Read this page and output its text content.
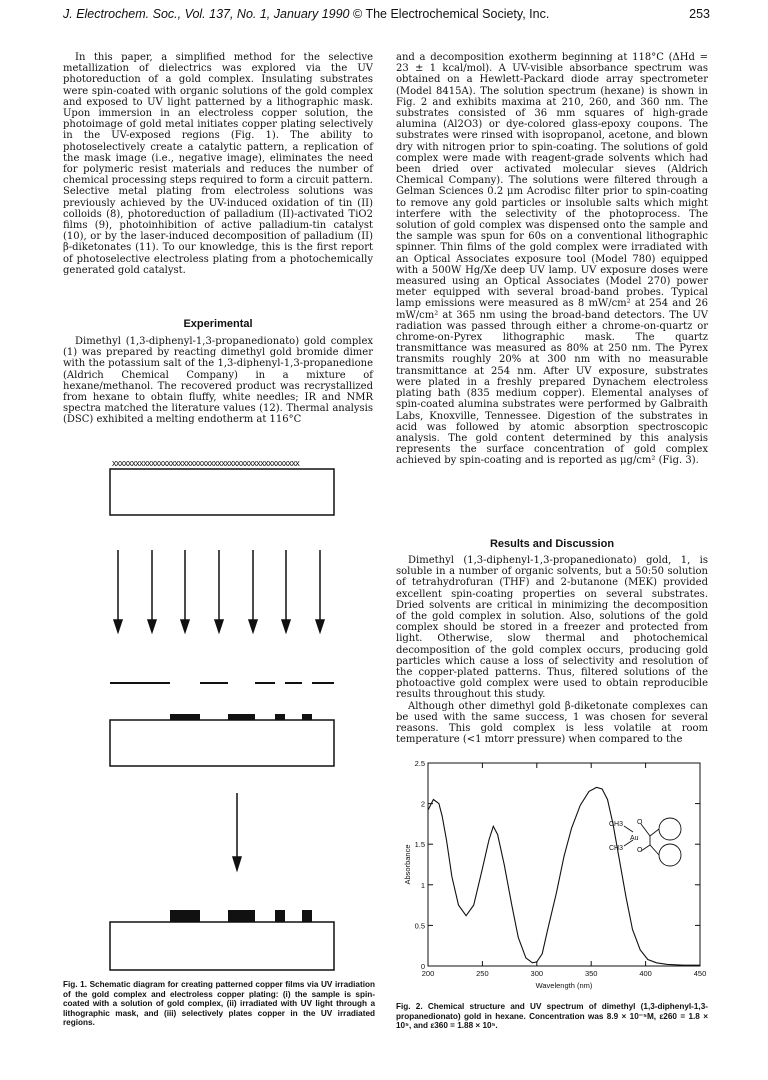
J. Electrochem. Soc., Vol. 137, No. 1, January 1990 © The Electrochemical Society, Inc.	253

In this paper, a simplified method for the selective metallization of dielectrics was explored via the UV photoreduction of a gold complex. Insulating substrates were spin-coated with organic solutions of the gold complex and exposed to UV light patterned by a lithographic mask. Upon immersion in an electroless copper solution, the photoimage of gold metal initiates copper plating selectively in the UV-exposed regions (Fig. 1). The ability to photoselectively create a catalytic pattern, a replication of the mask image (i.e., negative image), eliminates the need for polymeric resist materials and reduces the number of chemical processing steps required to form a circuit pattern. Selective metal plating from electroless solutions was previously achieved by the UV-induced oxidation of tin (II) colloids (8), photoreduction of palladium (II)-activated TiO2 films (9), photoinhibition of active palladium-tin catalyst (10), or by the laser-induced decomposition of palladium (II) β-diketonates (11). To our knowledge, this is the first report of photoselective electroless plating from a photochemically generated gold catalyst.

Experimental

Dimethyl (1,3-diphenyl-1,3-propanedionato) gold complex (1) was prepared by reacting dimethyl gold bromide dimer with the potassium salt of the 1,3-diphenyl-1,3-propanedione (Aldrich Chemical Company) in a mixture of hexane/methanol. The recovered product was recrystallized from hexane to obtain fluffy, white needles; IR and NMR spectra matched the literature values (12). Thermal analysis (DSC) exhibited a melting endotherm at 116°C

and a decomposition exotherm beginning at 118°C (ΔHd = 23 ± 1 kcal/mol). A UV-visible absorbance spectrum was obtained on a Hewlett-Packard diode array spectrometer (Model 8415A). The solution spectrum (hexane) is shown in Fig. 2 and exhibits maxima at 210, 260, and 360 nm. The substrates consisted of 36 mm squares of high-grade alumina (Al2O3) or dye-colored glass-epoxy coupons. The substrates were rinsed with isopropanol, acetone, and blown dry with nitrogen prior to spin-coating. The solutions of gold complex were made with reagent-grade solvents which had been dried over activated molecular sieves (Aldrich Chemical Company). The solutions were filtered through a Gelman Sciences 0.2 μm Acrodisc filter prior to spin-coating to remove any gold particles or insoluble salts which might interfere with the selectivity of the photoprocess. The solution of gold complex was dispensed onto the sample and the sample was spun for 60s on a conventional lithographic spinner. Thin films of the gold complex were irradiated with an Optical Associates exposure tool (Model 780) equipped with a 500W Hg/Xe deep UV lamp. UV exposure doses were measured using an Optical Associates (Model 270) power meter equipped with several broad-band probes. Typical lamp emissions were measured as 8 mW/cm² at 254 and 26 mW/cm² at 365 nm using the broad-band detectors. The UV radiation was passed through either a chrome-on-quartz or chrome-on-Pyrex lithographic mask. The quartz transmittance was measured as 80% at 250 nm. The Pyrex transmits roughly 20% at 300 nm with no measurable transmittance at 254 nm. After UV exposure, substrates were plated in a freshly prepared Dynachem electroless plating bath (835 medium copper). Elemental analyses of spin-coated alumina substrates were performed by Galbraith Labs, Knoxville, Tennessee. Digestion of the substrates in acid was followed by atomic absorption spectroscopic analysis. The gold content determined by this analysis represents the surface concentration of gold complex achieved by spin-coating and is reported as μg/cm² (Fig. 3).

Results and Discussion

Dimethyl (1,3-diphenyl-1,3-propanedionato) gold, 1, is soluble in a number of organic solvents, but a 50:50 solution of tetrahydrofuran (THF) and 2-butanone (MEK) provided excellent spin-coating properties on several substrates. Dried solvents are critical in minimizing the decomposition of the gold complex in solution. Also, solutions of the gold complex should be stored in a freezer and protected from light. Otherwise, slow thermal and photochemical decomposition of the gold complex occurs, producing gold particles which cause a loss of selectivity and resolution of the copper-plated patterns. Thus, filtered solutions of the photoactive gold complex were used to obtain reproducible results throughout this study.

Although other dimethyl gold β-diketonate complexes can be used with the same success, 1 was chosen for several reasons. This gold complex is less volatile at room temperature (<1 mtorr pressure) when compared to the

xxxxxxxxxxxxxxxxxxxxxxxxxxxxxxxxxxxxxxxxxxxxxxxx
Fig. 1. Schematic diagram for creating patterned copper films via UV irradiation of the gold complex and electroless copper plating: (i) the sample is spin-coated with a solution of gold complex, (ii) irradiated with UV light through a lithographic mask, and (iii) selectively plates copper in the UV irradiated regions.
200	250	300	350	400	450
0
0.5
1
1.5
2
2.5
Wavelength (nm)
Absorbance
CH3
CH3
Au
O
O
Fig. 2. Chemical structure and UV spectrum of dimethyl (1,3-diphenyl-1,3-propanedionato) gold in hexane. Concentration was 8.9 × 10⁻⁵M, ε260 = 1.8 × 10⁵, and ε360 = 1.88 × 10⁵.
